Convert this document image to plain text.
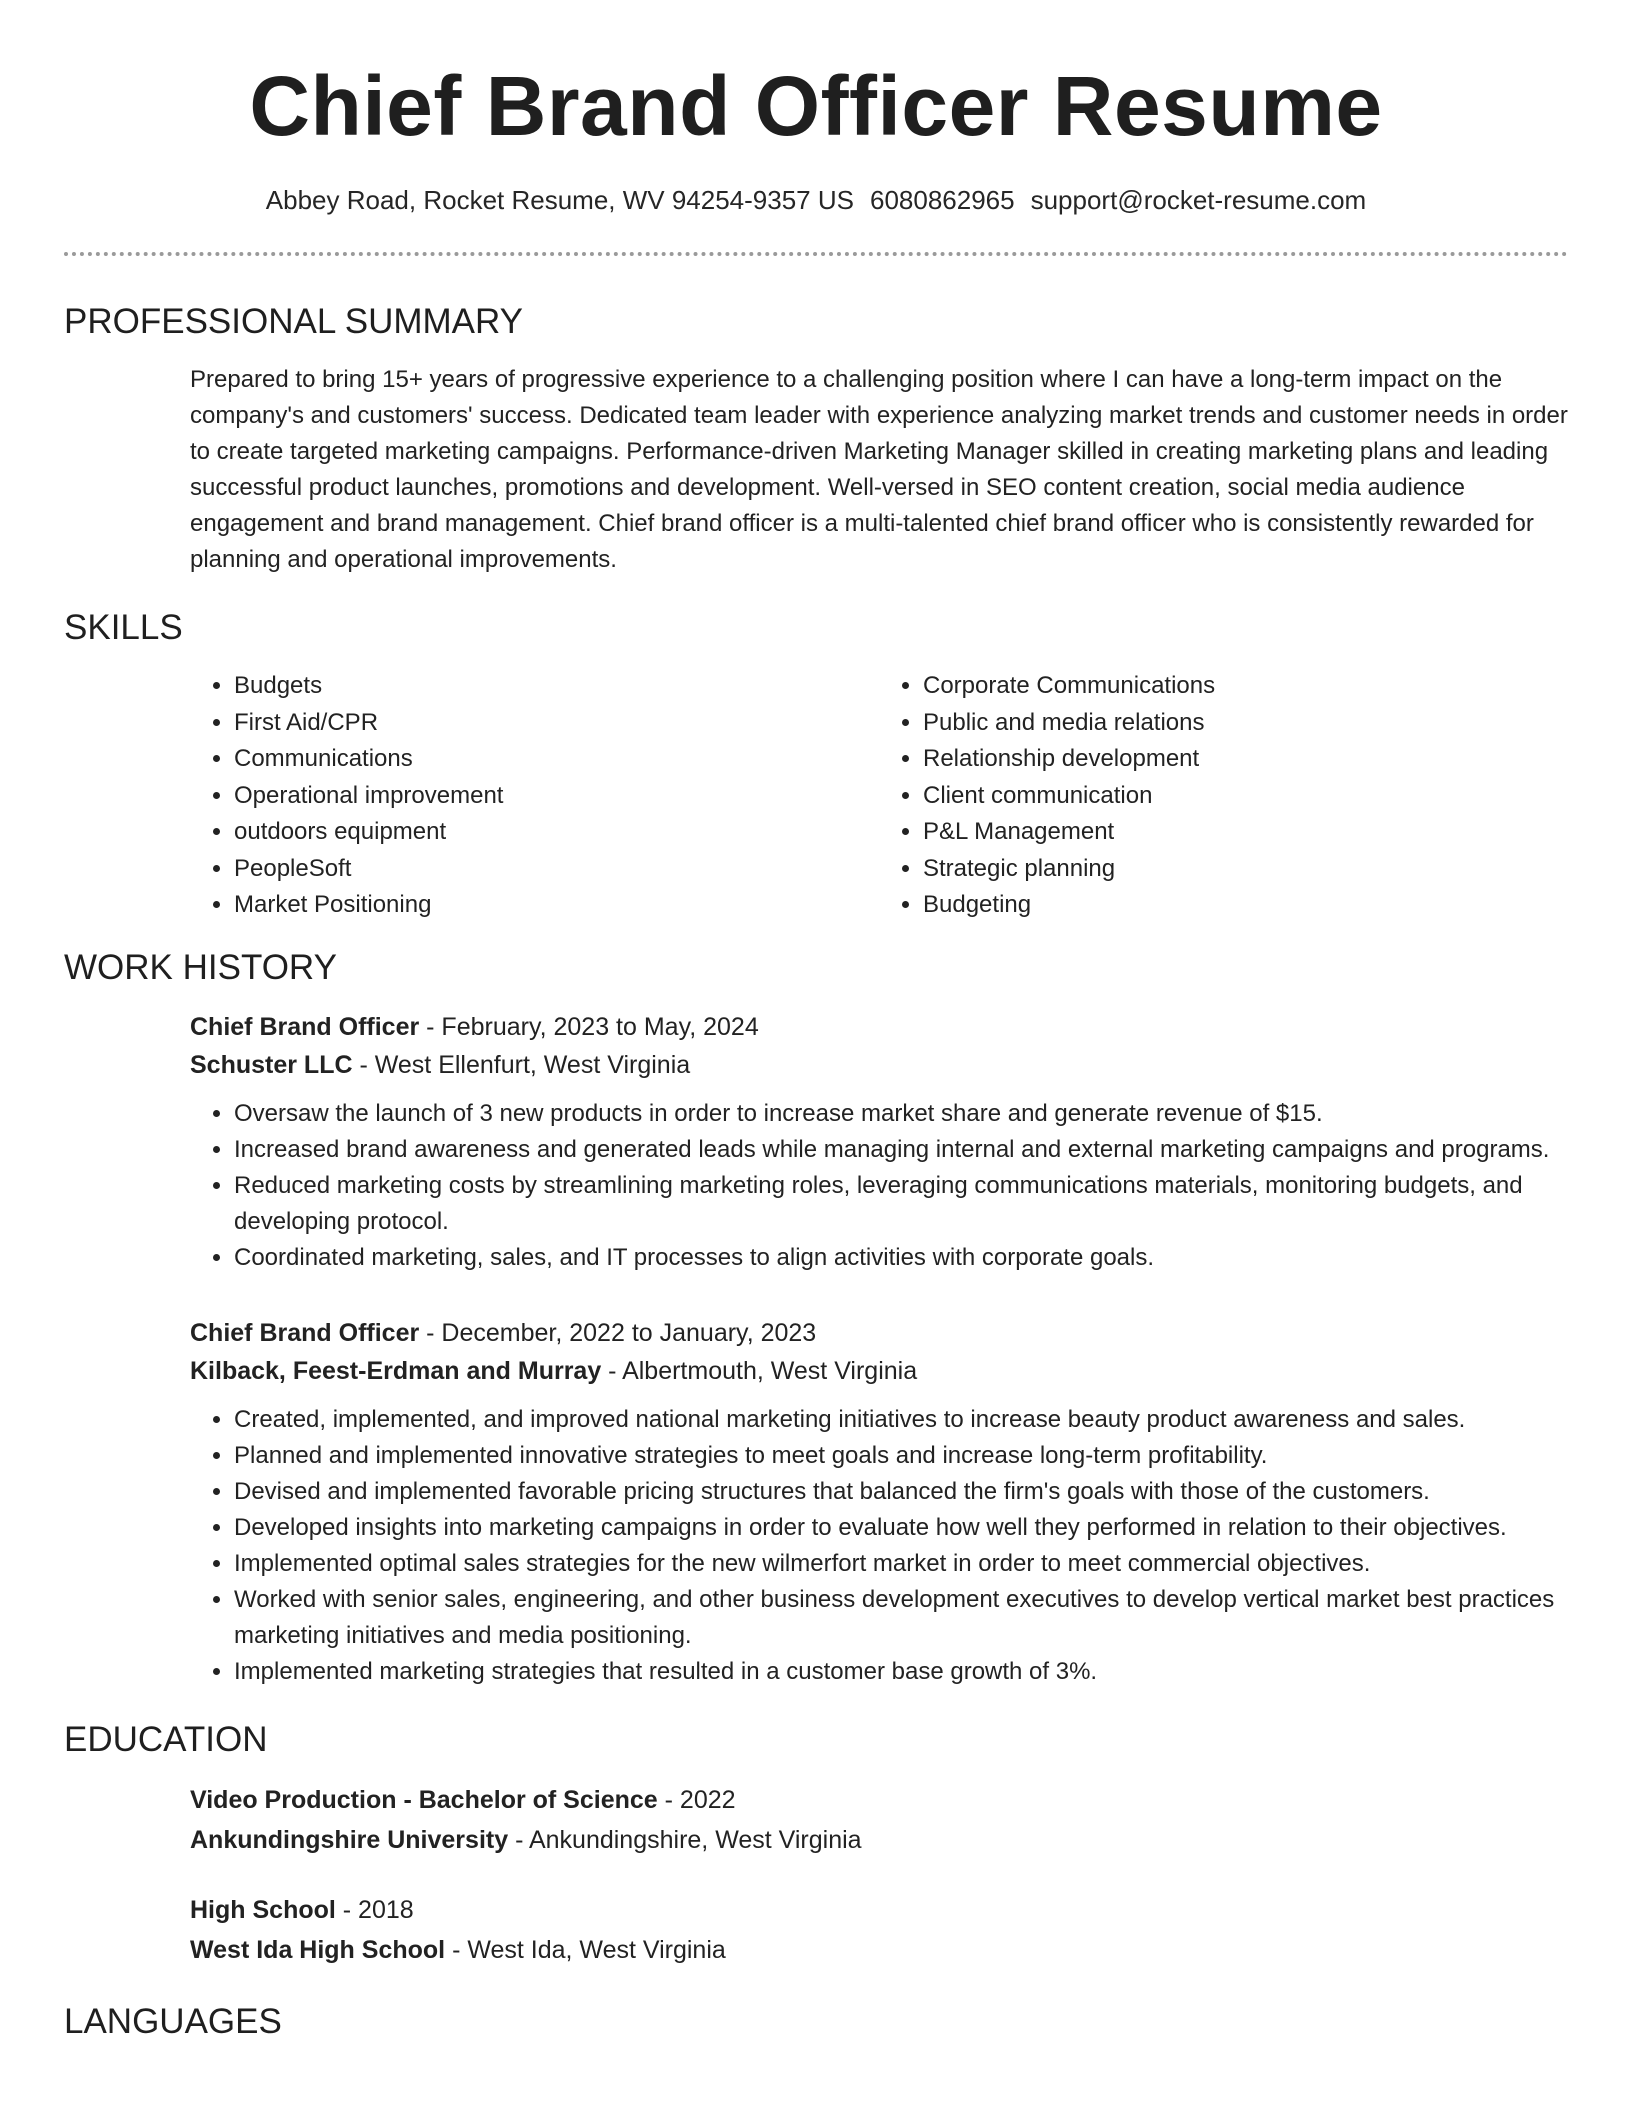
Chief Brand Officer Resume
Abbey Road, Rocket Resume, WV 94254-9357 US 6080862965 support@rocket-resume.com
PROFESSIONAL SUMMARY

Prepared to bring 15+ years of progressive experience to a challenging position where I can have a long-term impact on the company's and customers' success. Dedicated team leader with experience analyzing market trends and customer needs in order to create targeted marketing campaigns. Performance-driven Marketing Manager skilled in creating marketing plans and leading successful product launches, promotions and development. Well-versed in SEO content creation, social media audience engagement and brand management. Chief brand officer is a multi-talented chief brand officer who is consistently rewarded for planning and operational improvements.

SKILLS
• Budgets
• First Aid/CPR
• Communications
• Operational improvement
• outdoors equipment
• PeopleSoft
• Market Positioning
• Corporate Communications
• Public and media relations
• Relationship development
• Client communication
• P&L Management
• Strategic planning
• Budgeting
WORK HISTORY
Chief Brand Officer - February, 2023 to May, 2024
Schuster LLC - West Ellenfurt, West Virginia
• Oversaw the launch of 3 new products in order to increase market share and generate revenue of $15.
• Increased brand awareness and generated leads while managing internal and external marketing campaigns and programs.
• Reduced marketing costs by streamlining marketing roles, leveraging communications materials, monitoring budgets, and developing protocol.
• Coordinated marketing, sales, and IT processes to align activities with corporate goals.
Chief Brand Officer - December, 2022 to January, 2023
Kilback, Feest-Erdman and Murray - Albertmouth, West Virginia
• Created, implemented, and improved national marketing initiatives to increase beauty product awareness and sales.
• Planned and implemented innovative strategies to meet goals and increase long-term profitability.
• Devised and implemented favorable pricing structures that balanced the firm's goals with those of the customers.
• Developed insights into marketing campaigns in order to evaluate how well they performed in relation to their objectives.
• Implemented optimal sales strategies for the new wilmerfort market in order to meet commercial objectives.
• Worked with senior sales, engineering, and other business development executives to develop vertical market best practices marketing initiatives and media positioning.
• Implemented marketing strategies that resulted in a customer base growth of 3%.
EDUCATION
Video Production - Bachelor of Science - 2022
Ankundingshire University - Ankundingshire, West Virginia
High School - 2018
West Ida High School - West Ida, West Virginia
LANGUAGES
